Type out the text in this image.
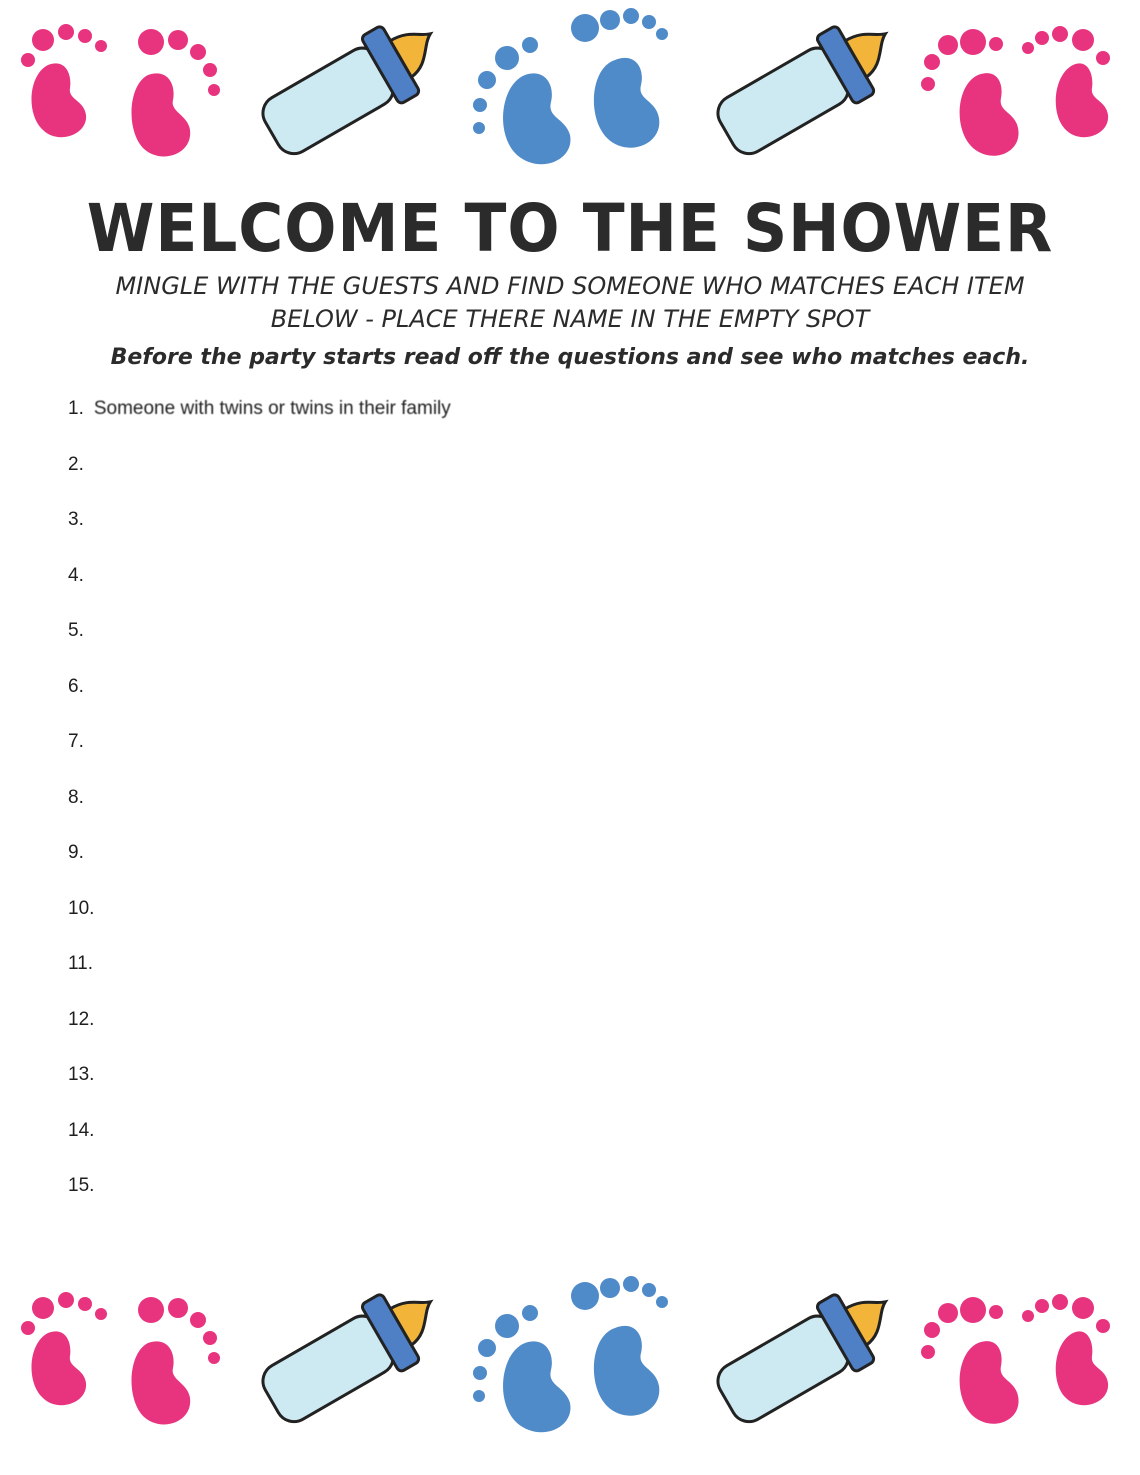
WELCOME TO THE SHOWER
MINGLE WITH THE GUESTS AND FIND SOMEONE WHO MATCHES EACH ITEM
BELOW - PLACE THERE NAME IN THE EMPTY SPOT
Before the party starts read off the questions and see who matches each.
1. Someone with twins or twins in their family
2.
3.
4.
5.
6.
7.
8.
9.
10.
11.
12.
13.
14.
15.
